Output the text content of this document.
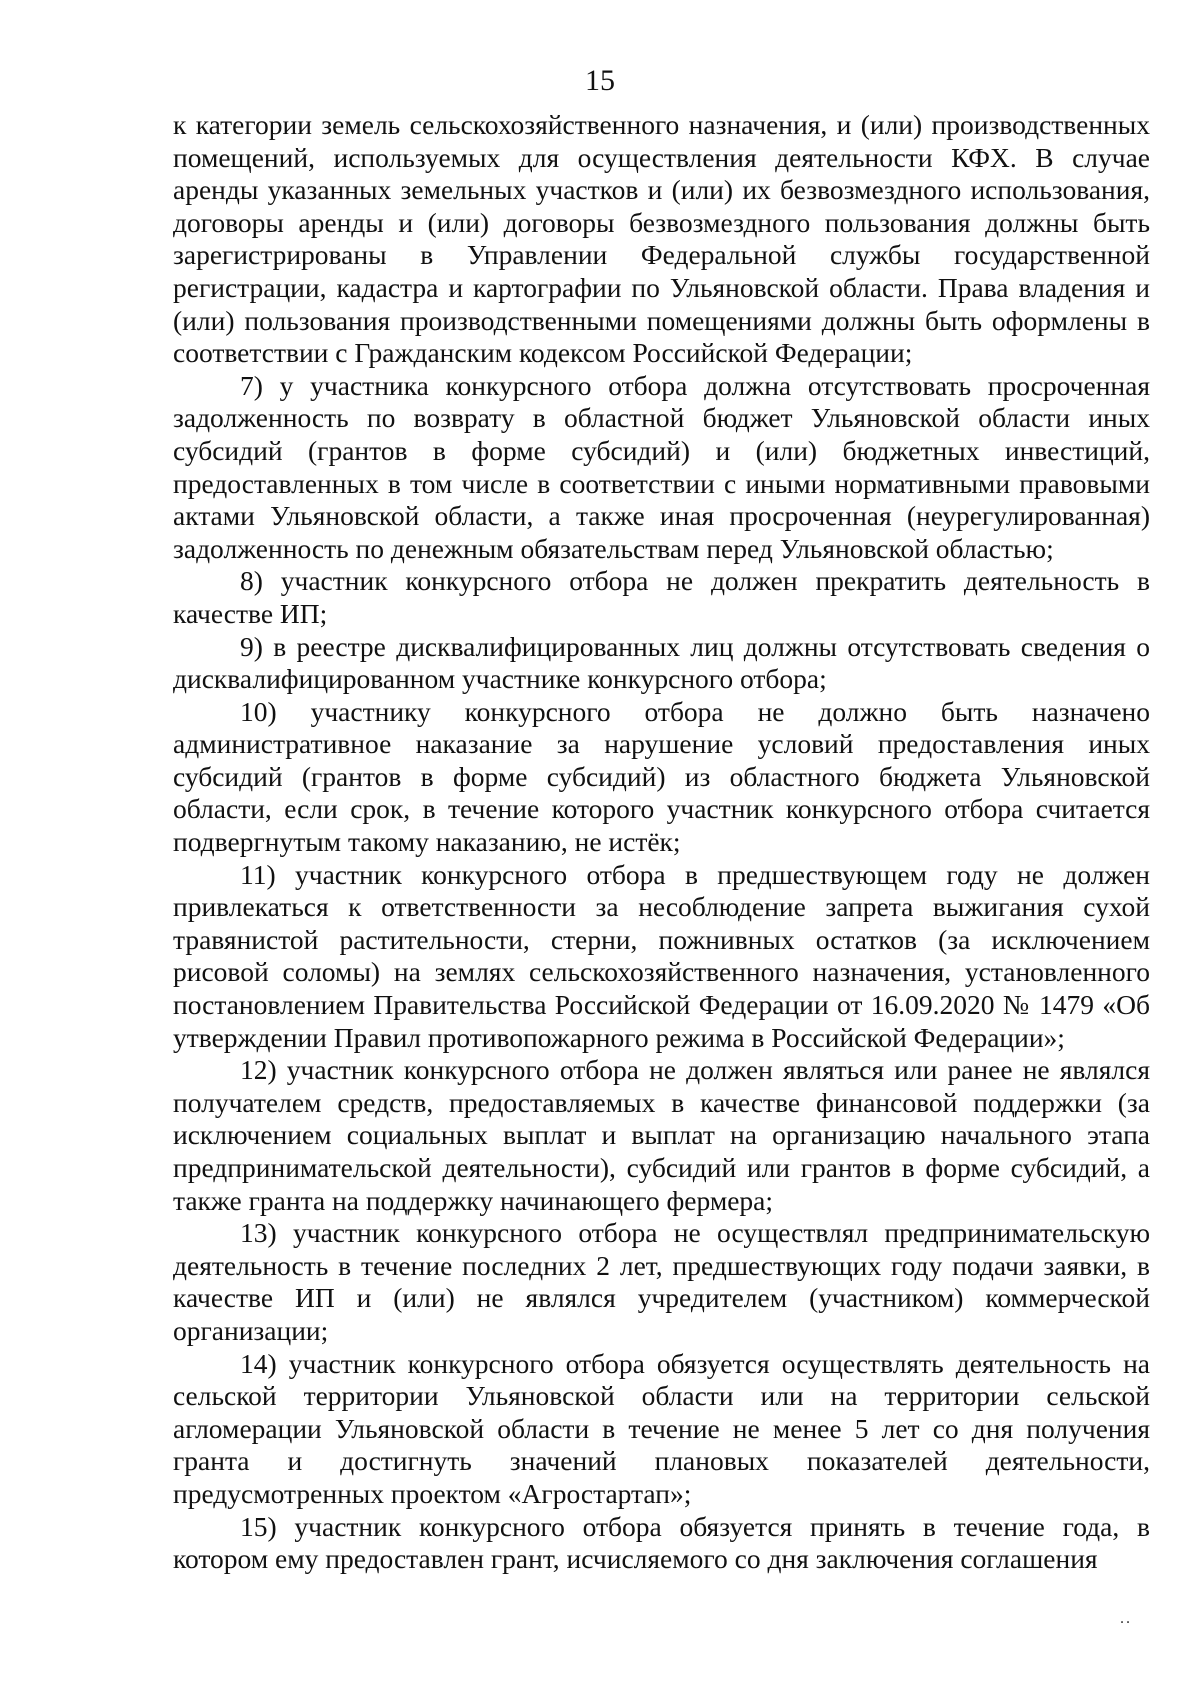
15

к категории земель сельскохозяйственного назначения, и (или) производственных помещений, используемых для осуществления деятельности КФХ. В случае аренды указанных земельных участков и (или) их безвозмездного использования, договоры аренды и (или) договоры безвозмездного пользования должны быть зарегистрированы в Управлении Федеральной службы государственной регистрации, кадастра и картографии по Ульяновской области. Права владения и (или) пользования производственными помещениями должны быть оформлены в соответствии с Гражданским кодексом Российской Федерации;

7) у участника конкурсного отбора должна отсутствовать просроченная задолженность по возврату в областной бюджет Ульяновской области иных субсидий (грантов в форме субсидий) и (или) бюджетных инвестиций, предоставленных в том числе в соответствии с иными нормативными правовыми актами Ульяновской области, а также иная просроченная (неурегулированная) задолженность по денежным обязательствам перед Ульяновской областью;

8) участник конкурсного отбора не должен прекратить деятельность в качестве ИП;

9) в реестре дисквалифицированных лиц должны отсутствовать сведения о дисквалифицированном участнике конкурсного отбора;

10) участнику конкурсного отбора не должно быть назначено административное наказание за нарушение условий предоставления иных субсидий (грантов в форме субсидий) из областного бюджета Ульяновской области, если срок, в течение которого участник конкурсного отбора считается подвергнутым такому наказанию, не истёк;

11) участник конкурсного отбора в предшествующем году не должен привлекаться к ответственности за несоблюдение запрета выжигания сухой травянистой растительности, стерни, пожнивных остатков (за исключением рисовой соломы) на землях сельскохозяйственного назначения, установленного постановлением Правительства Российской Федерации от 16.09.2020 № 1479 «Об утверждении Правил противопожарного режима в Российской Федерации»;

12) участник конкурсного отбора не должен являться или ранее не являлся получателем средств, предоставляемых в качестве финансовой поддержки (за исключением социальных выплат и выплат на организацию начального этапа предпринимательской деятельности), субсидий или грантов в форме субсидий, а также гранта на поддержку начинающего фермера;

13) участник конкурсного отбора не осуществлял предпринимательскую деятельность в течение последних 2 лет, предшествующих году подачи заявки, в качестве ИП и (или) не являлся учредителем (участником) коммерческой организации;

14) участник конкурсного отбора обязуется осуществлять деятельность на сельской территории Ульяновской области или на территории сельской агломерации Ульяновской области в течение не менее 5 лет со дня получения гранта и достигнуть значений плановых показателей деятельности, предусмотренных проектом «Агростартап»;

15) участник конкурсного отбора обязуется принять в течение года, в котором ему предоставлен грант, исчисляемого со дня заключения соглашения

˙˙
